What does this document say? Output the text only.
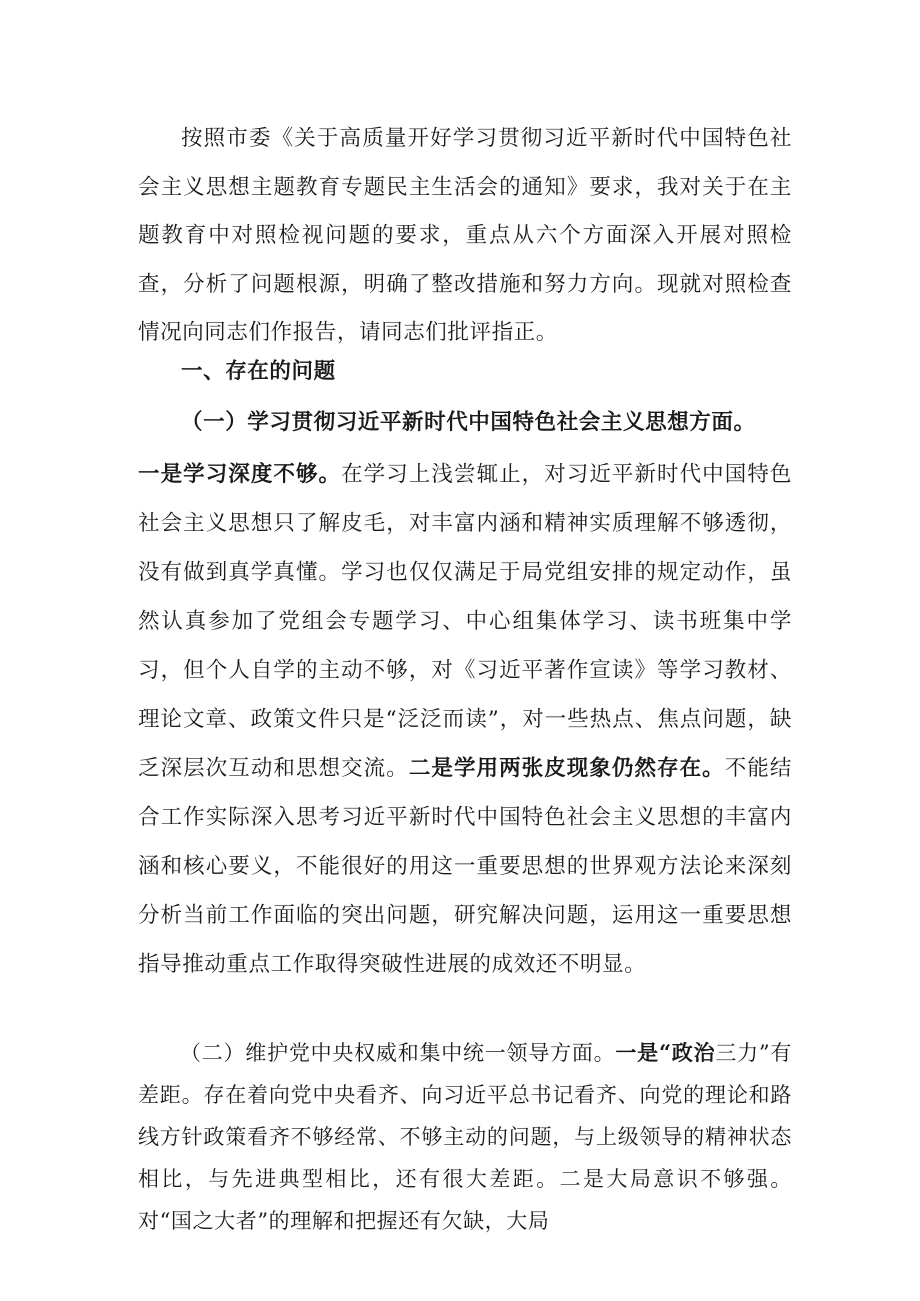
按照市委《关于高质量开好学习贯彻习近平新时代中国特色社会主义思想主题教育专题民主生活会的通知》要求，我对关于在主题教育中对照检视问题的要求，重点从六个方面深入开展对照检查，分析了问题根源，明确了整改措施和努力方向。现就对照检查情况向同志们作报告，请同志们批评指正。

一、存在的问题

（一）学习贯彻习近平新时代中国特色社会主义思想方面。

一是学习深度不够。在学习上浅尝辄止，对习近平新时代中国特色社会主义思想只了解皮毛，对丰富内涵和精神实质理解不够透彻，没有做到真学真懂。学习也仅仅满足于局党组安排的规定动作，虽然认真参加了党组会专题学习、中心组集体学习、读书班集中学习，但个人自学的主动不够，对《习近平著作宣读》等学习教材、理论文章、政策文件只是“泛泛而读”，对一些热点、焦点问题，缺乏深层次互动和思想交流。二是学用两张皮现象仍然存在。不能结合工作实际深入思考习近平新时代中国特色社会主义思想的丰富内涵和核心要义，不能很好的用这一重要思想的世界观方法论来深刻分析当前工作面临的突出问题，研究解决问题，运用这一重要思想指导推动重点工作取得突破性进展的成效还不明显。

（二）维护党中央权威和集中统一领导方面。一是“政治三力”有差距。存在着向党中央看齐、向习近平总书记看齐、向党的理论和路线方针政策看齐不够经常、不够主动的问题，与上级领导的精神状态相比，与先进典型相比，还有很大差距。二是大局意识不够强。对“国之大者”的理解和把握还有欠缺，大局
